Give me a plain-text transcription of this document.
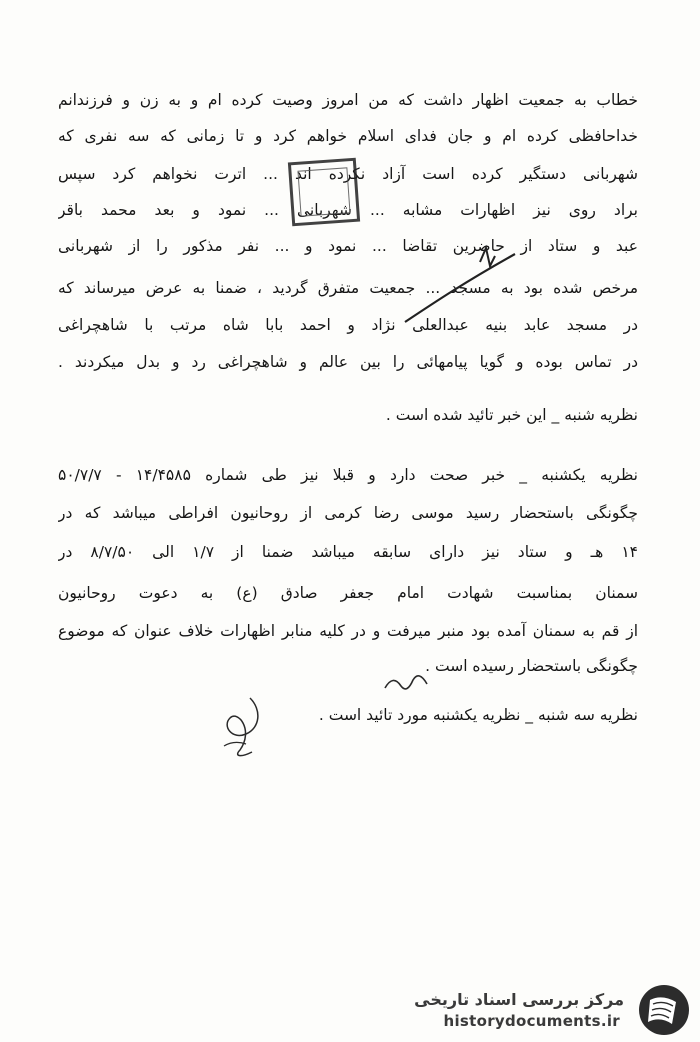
خطاب به جمعیت اظهار داشت که من امروز وصیت کرده ام و به زن و فرزندانم
خداحافظی کرده ام و جان فدای اسلام خواهم کرد و تا زمانی که سه نفری که
شهربانی دستگیر کرده است آزاد نکرده اند ... اترت نخواهم کرد سپس
براد روی نیز اظهارات مشابه ... شهربانی ... نمود و بعد محمد باقر
عبد و ستاد از حاضرین تقاضا ... نمود و ... نفر مذکور را از شهربانی
مرخص شده بود به مسجد ... جمعیت متفرق گردید ، ضمنا به عرض میرساند که
در مسجد عابد بنیه عبدالعلی نژاد و احمد بابا شاه مرتب با شاهچراغی
در تماس بوده و گویا پیامهائی را بین عالم و شاهچراغی رد و بدل میکردند .
نظریه شنبه _ این خبر تائید شده است .
نظریه یکشنبه _ خبر صحت دارد و قبلا نیز طی شماره ۱۴/۴۵۸۵ - ۵۰/۷/۷
چگونگی باستحضار رسید موسی رضا کرمی از روحانیون افراطی میباشد که در
۱۴ هـ و ستاد نیز دارای سابقه میباشد ضمنا از ۱/۷ الی ۸/۷/۵۰ در
سمنان بمناسبت شهادت امام جعفر صادق (ع) به دعوت روحانیون
از قم به سمنان آمده بود منبر میرفت و در کلیه منابر اظهارات خلاف عنوان که موضوع
چگونگی باستحضار رسیده است .
نظریه سه شنبه _ نظریه یکشنبه مورد تائید است .
مرکز بررسی اسناد تاریخی
historydocuments.ir
